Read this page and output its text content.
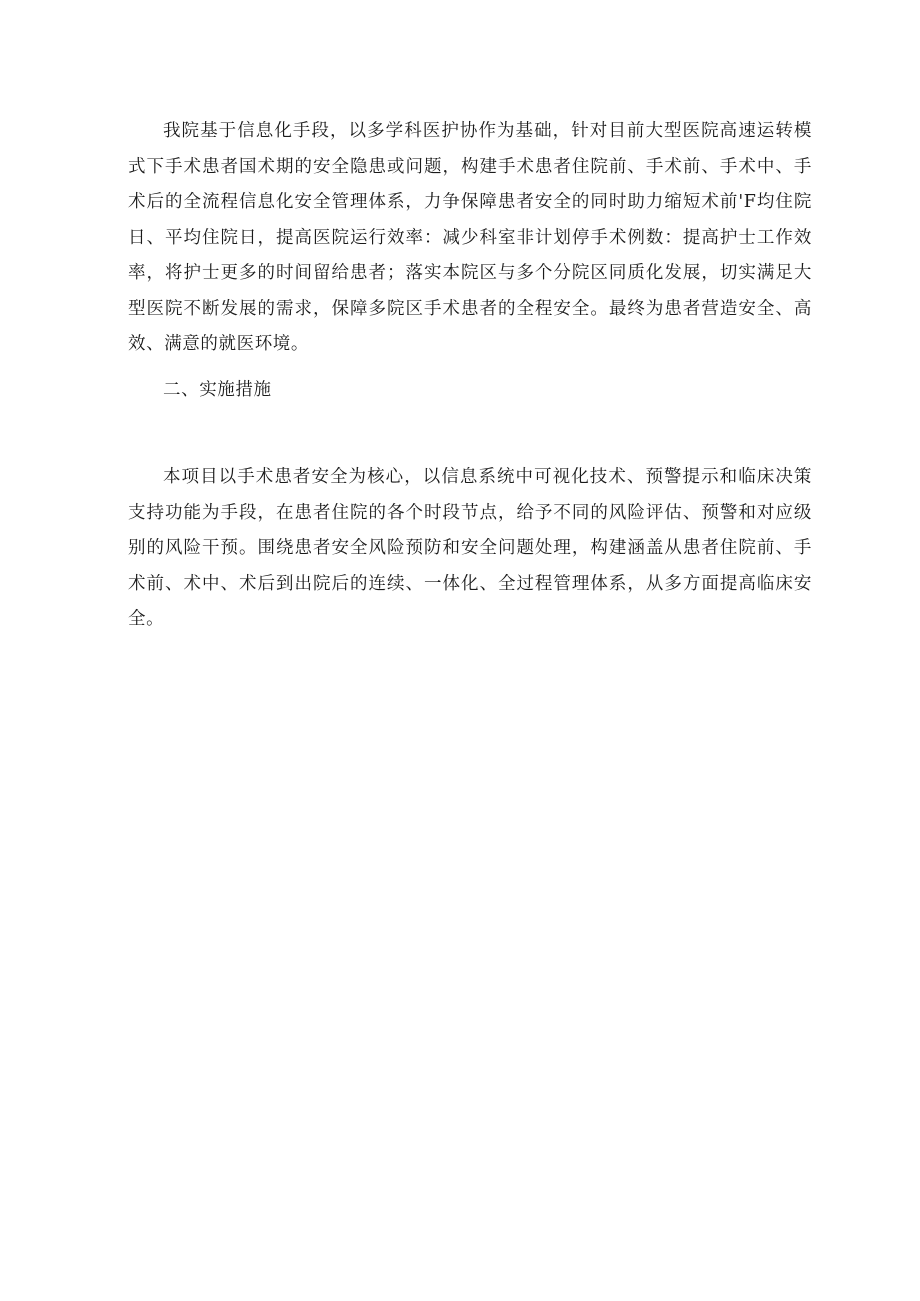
我院基于信息化手段，以多学科医护协作为基础，针对目前大型医院高速运转模式下手术患者国术期的安全隐患或问题，构建手术患者住院前、手术前、手术中、手术后的全流程信息化安全管理体系，力争保障患者安全的同时助力缩短术前'F均住院日、平均住院日，提高医院运行效率：减少科室非计划停手术例数：提高护士工作效率，将护士更多的时间留给患者；落实本院区与多个分院区同质化发展，切实满足大型医院不断发展的需求，保障多院区手术患者的全程安全。最终为患者营造安全、高效、满意的就医环境。

二、实施措施

本项目以手术患者安全为核心，以信息系统中可视化技术、预警提示和临床决策支持功能为手段，在患者住院的各个时段节点，给予不同的风险评估、预警和对应级别的风险干预。围绕患者安全风险预防和安全问题处理，构建涵盖从患者住院前、手术前、术中、术后到出院后的连续、一体化、全过程管理体系，从多方面提高临床安全。
